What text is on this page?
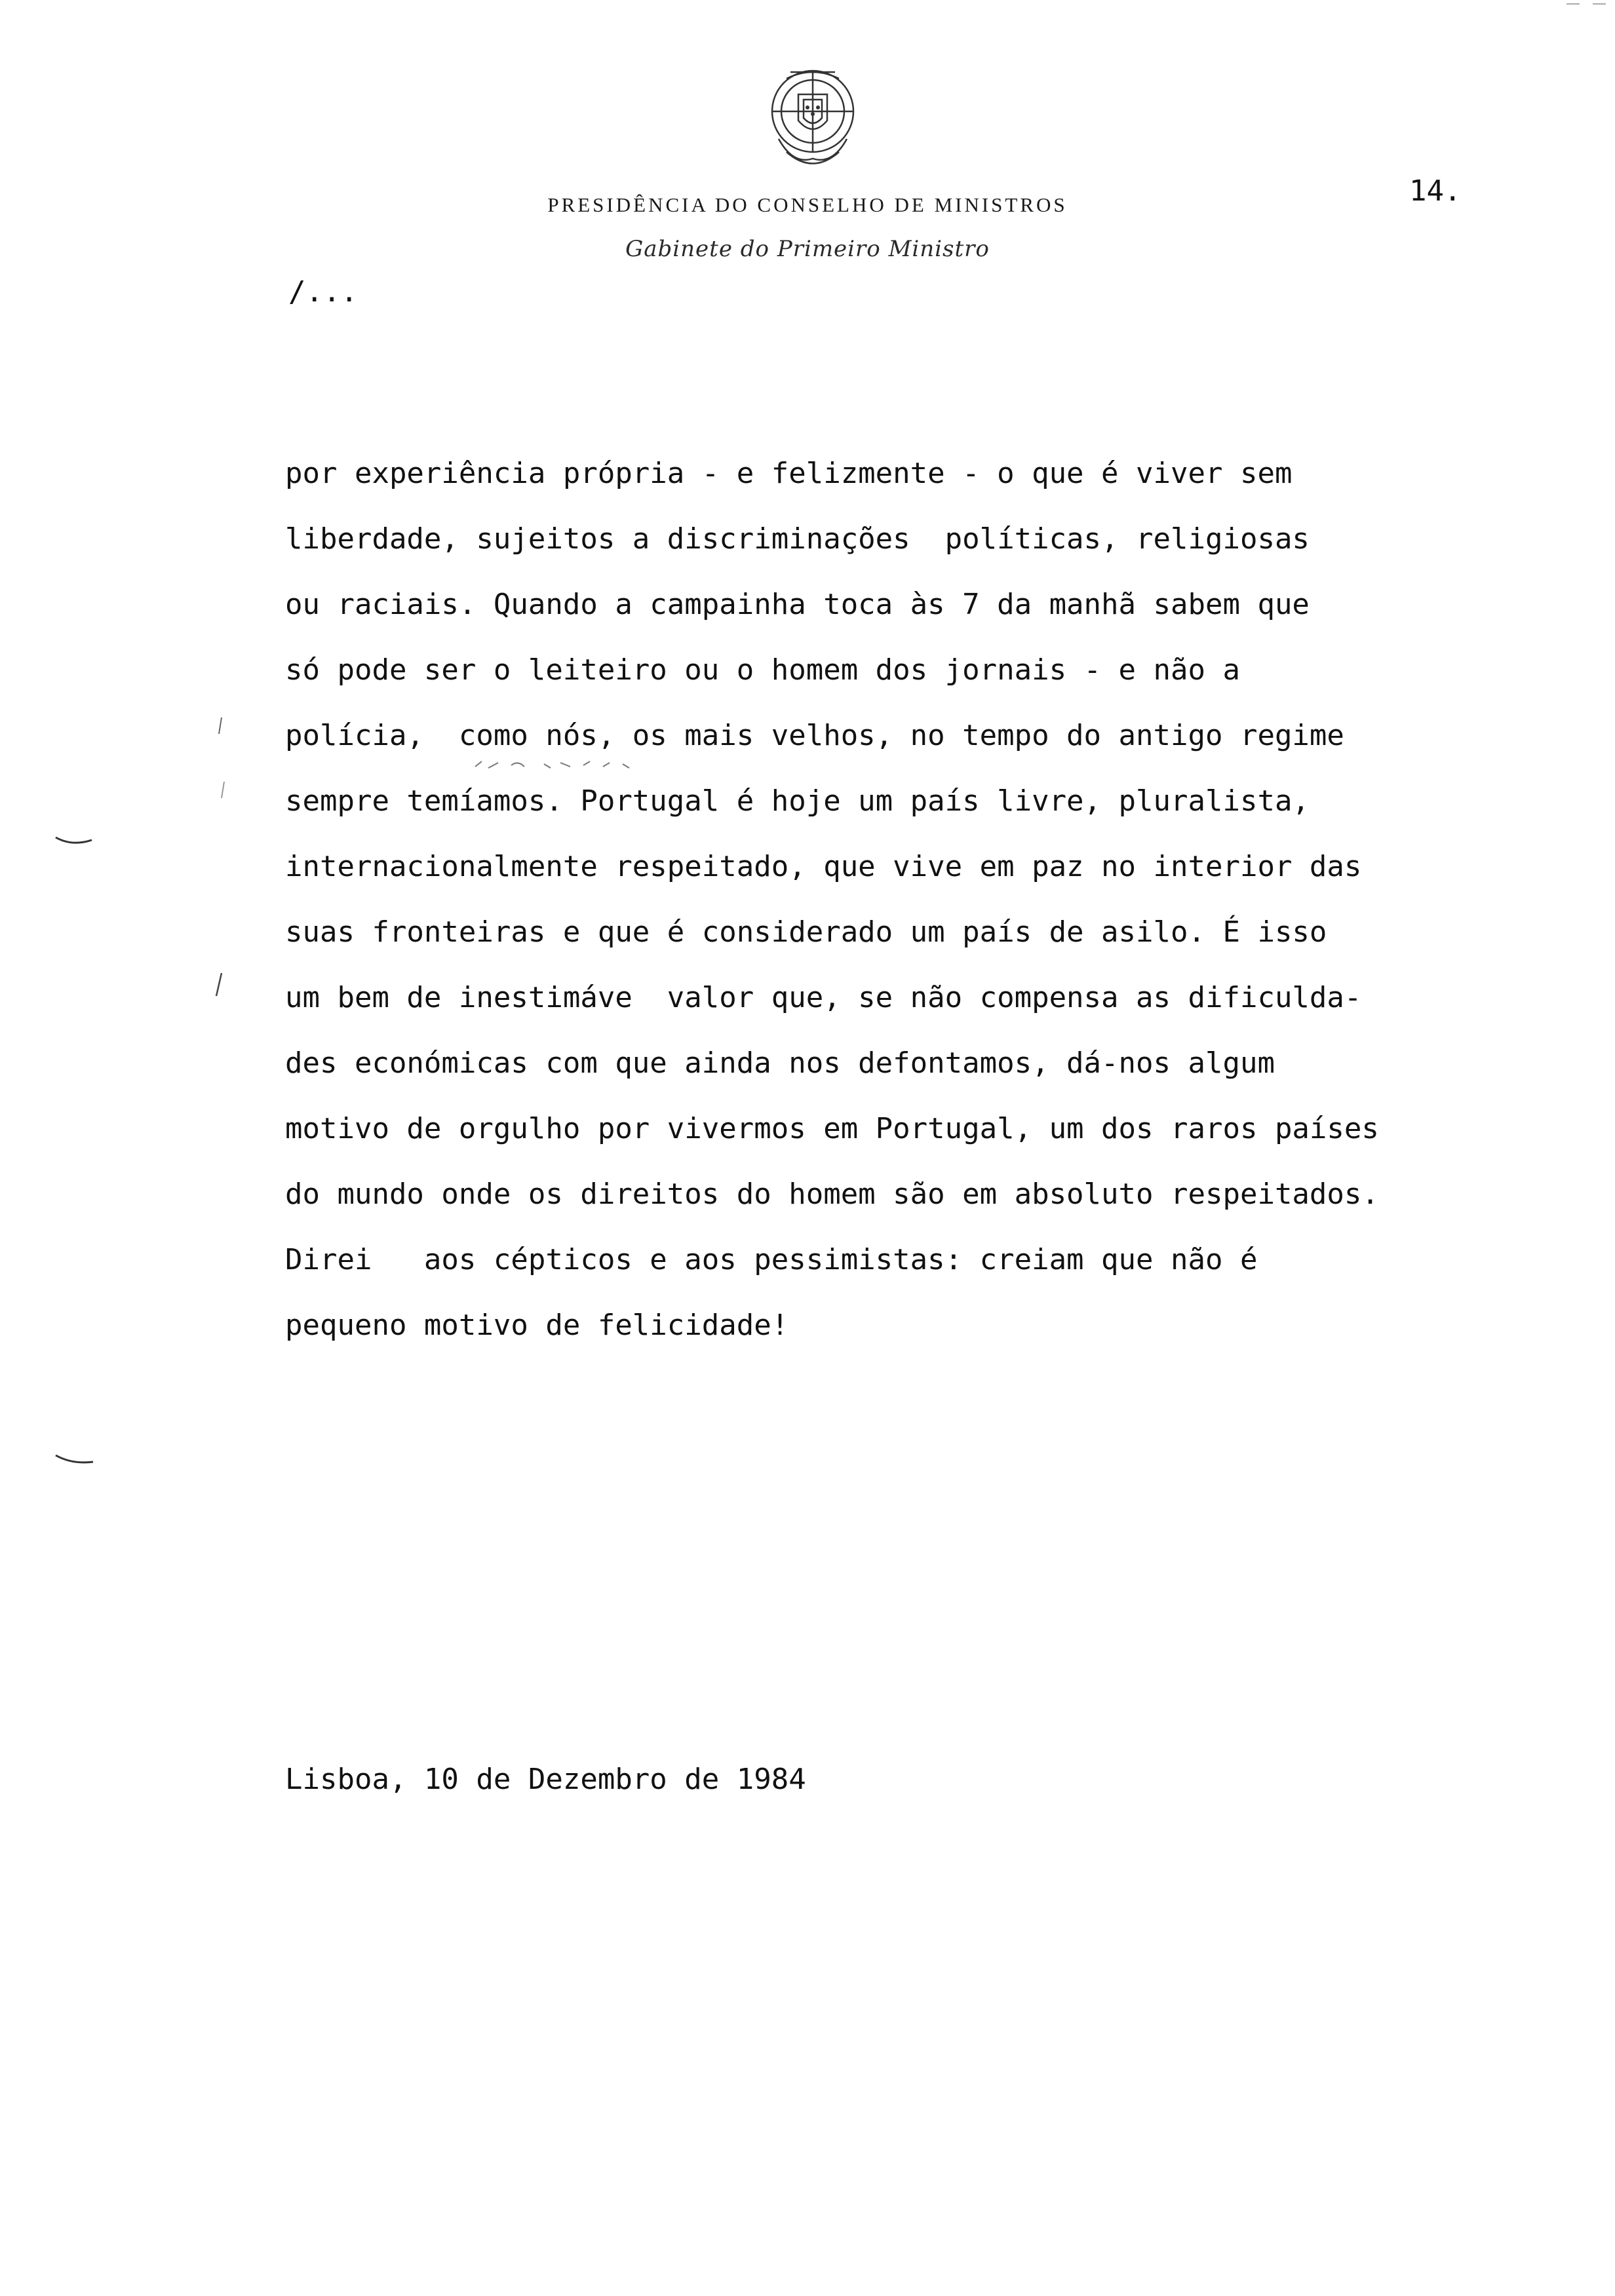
PRESIDÊNCIA DO CONSELHO DE MINISTROS
Gabinete do Primeiro Ministro
14.
/...
por experiência própria - e felizmente - o que é viver sem
liberdade, sujeitos a discriminações  políticas, religiosas
ou raciais. Quando a campainha toca às 7 da manhã sabem que
só pode ser o leiteiro ou o homem dos jornais - e não a
polícia,  como nós, os mais velhos, no tempo do antigo regime
sempre temíamos. Portugal é hoje um país livre, pluralista,
internacionalmente respeitado, que vive em paz no interior das
suas fronteiras e que é considerado um país de asilo. É isso
um bem de inestimáve  valor que, se não compensa as dificulda-
des económicas com que ainda nos defontamos, dá-nos algum
motivo de orgulho por vivermos em Portugal, um dos raros países
do mundo onde os direitos do homem são em absoluto respeitados.
Direi   aos cépticos e aos pessimistas: creiam que não é
pequeno motivo de felicidade!
Lisboa, 10 de Dezembro de 1984
